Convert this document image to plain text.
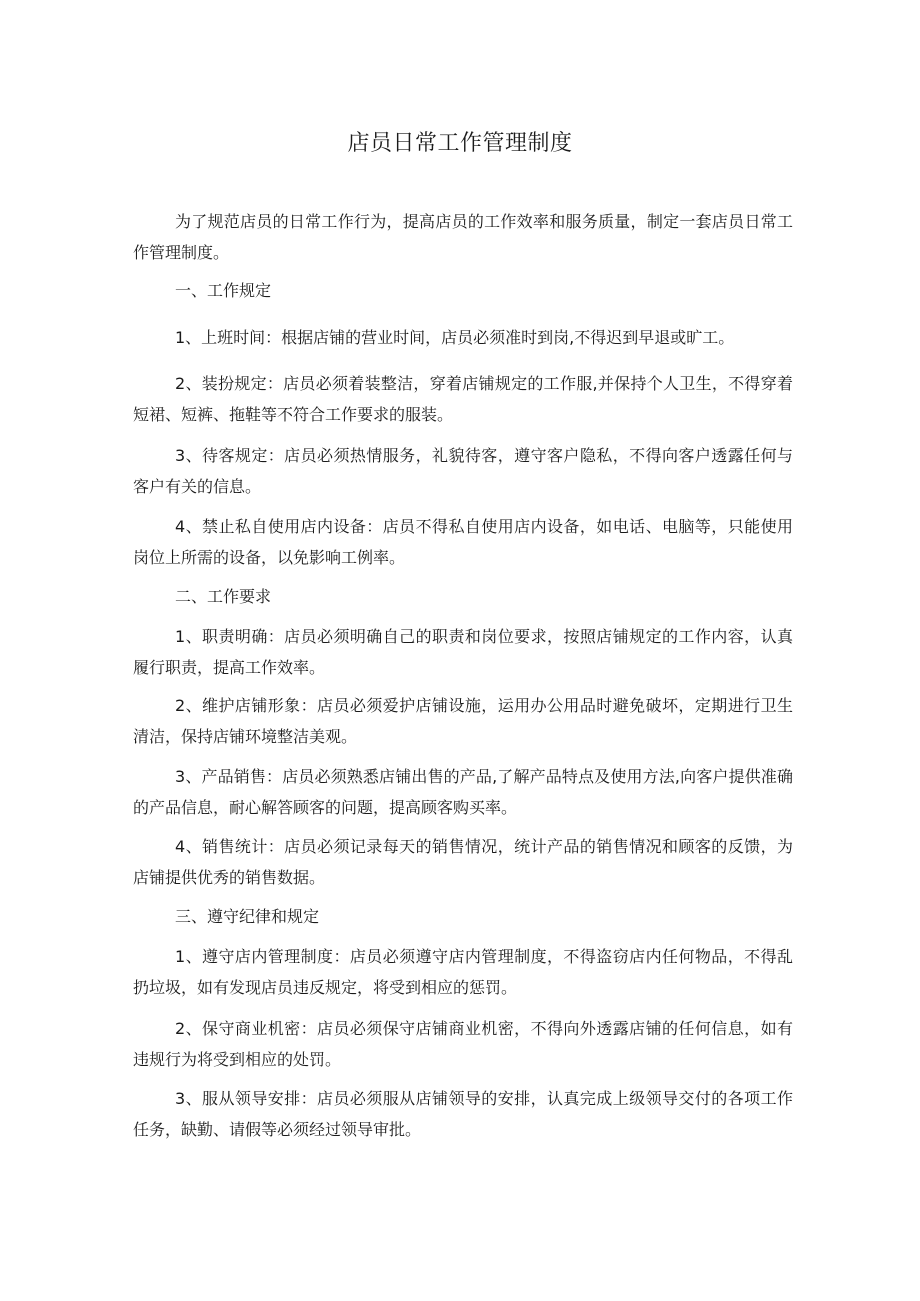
店员日常工作管理制度

为了规范店员的日常工作行为，提高店员的工作效率和服务质量，制定一套店员日常工作管理制度。

一、工作规定

1、上班时间：根据店铺的营业时间，店员必须准时到岗,不得迟到早退或旷工。

2、装扮规定：店员必须着装整洁，穿着店铺规定的工作服,并保持个人卫生，不得穿着短裙、短裤、拖鞋等不符合工作要求的服装。

3、待客规定：店员必须热情服务，礼貌待客，遵守客户隐私，不得向客户透露任何与客户有关的信息。

4、禁止私自使用店内设备：店员不得私自使用店内设备，如电话、电脑等，只能使用岗位上所需的设备，以免影响工例率。

二、工作要求

1、职责明确：店员必须明确自己的职责和岗位要求，按照店铺规定的工作内容，认真履行职责，提高工作效率。

2、维护店铺形象：店员必须爱护店铺设施，运用办公用品时避免破坏，定期进行卫生清洁，保持店铺环境整洁美观。

3、产品销售：店员必须熟悉店铺出售的产品,了解产品特点及使用方法,向客户提供准确的产品信息，耐心解答顾客的问题，提高顾客购买率。

4、销售统计：店员必须记录每天的销售情况，统计产品的销售情况和顾客的反馈，为店铺提供优秀的销售数据。

三、遵守纪律和规定

1、遵守店内管理制度：店员必须遵守店内管理制度，不得盗窃店内任何物品，不得乱扔垃圾，如有发现店员违反规定，将受到相应的惩罚。

2、保守商业机密：店员必须保守店铺商业机密，不得向外透露店铺的任何信息，如有违规行为将受到相应的处罚。

3、服从领导安排：店员必须服从店铺领导的安排，认真完成上级领导交付的各项工作任务，缺勤、请假等必须经过领导审批。
